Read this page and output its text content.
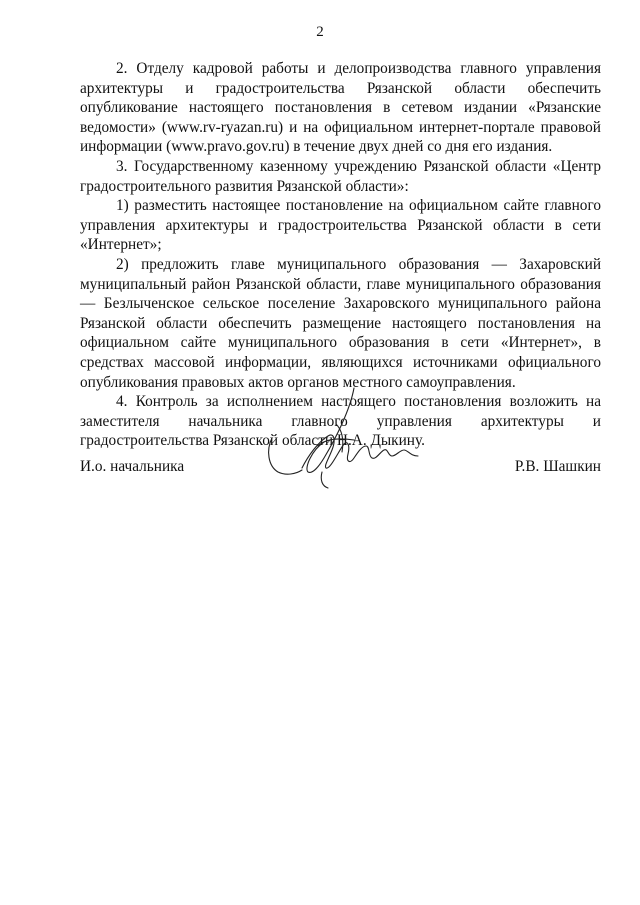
2

2. Отделу кадровой работы и делопроизводства главного управления архитектуры и градостроительства Рязанской области обеспечить опубликование настоящего постановления в сетевом издании «Рязанские ведомости» (www.rv-ryazan.ru) и на официальном интернет-портале правовой информации (www.pravo.gov.ru) в течение двух дней со дня его издания.

3. Государственному казенному учреждению Рязанской области «Центр градостроительного развития Рязанской области»:

1) разместить настоящее постановление на официальном сайте главного управления архитектуры и градостроительства Рязанской области в сети «Интернет»;

2) предложить главе муниципального образования — Захаровский муниципальный район Рязанской области, главе муниципального образования — Безлыченское сельское поселение Захаровского муниципального района Рязанской области обеспечить размещение настоящего постановления на официальном сайте муниципального образования в сети «Интернет», в средствах массовой информации, являющихся источниками официального опубликования правовых актов органов местного самоуправления.

4. Контроль за исполнением настоящего постановления возложить на заместителя начальника главного управления архитектуры и градостроительства Рязанской области Н.А. Дыкину.

И.о. начальника	Р.В. Шашкин
